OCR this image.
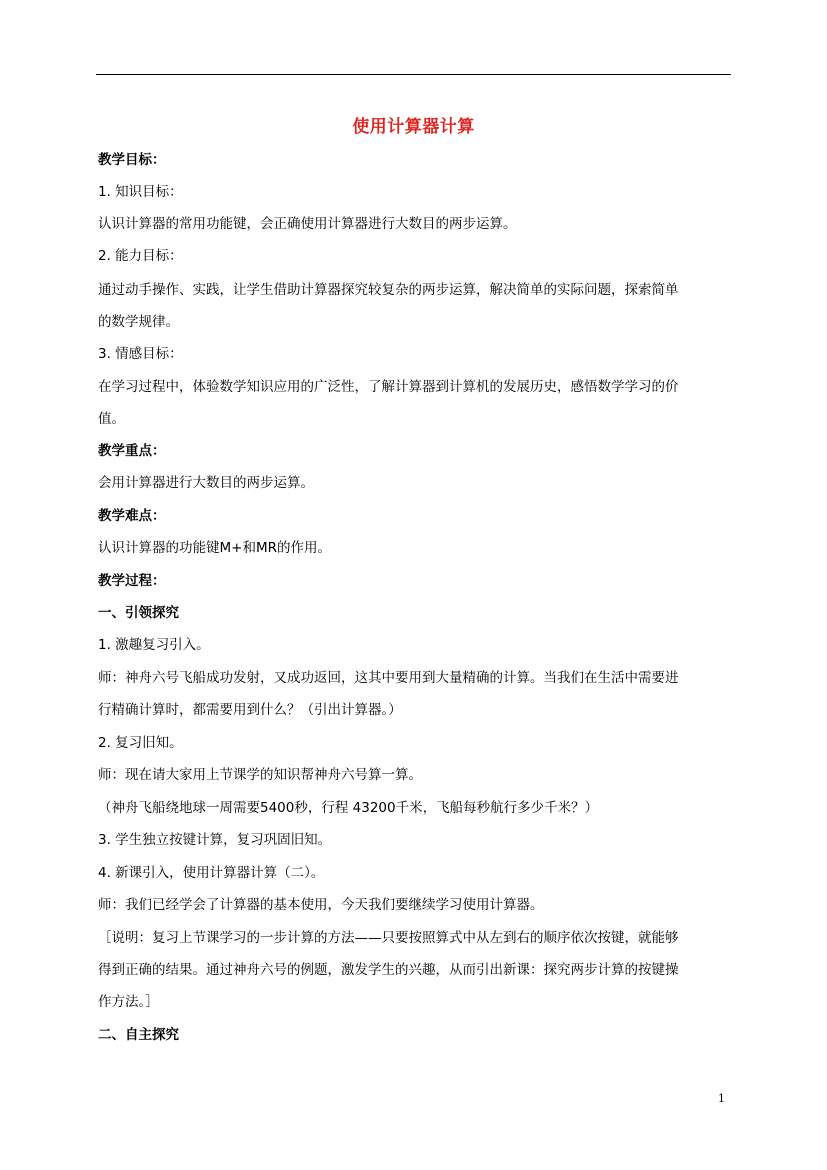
使用计算器计算
教学目标：
1. 知识目标：
认识计算器的常用功能键，会正确使用计算器进行大数目的两步运算。
2. 能力目标：
通过动手操作、实践，让学生借助计算器探究较复杂的两步运算，解决简单的实际问题，探索简单
的数学规律。
3. 情感目标：
在学习过程中，体验数学知识应用的广泛性，了解计算器到计算机的发展历史，感悟数学学习的价
值。
教学重点：
会用计算器进行大数目的两步运算。
教学难点：
认识计算器的功能键M+和MR的作用。
教学过程：
一、引领探究
1. 激趣复习引入。
师：神舟六号飞船成功发射，又成功返回，这其中要用到大量精确的计算。当我们在生活中需要进
行精确计算时，都需要用到什么？（引出计算器。）
2. 复习旧知。
师：现在请大家用上节课学的知识帮神舟六号算一算。
（神舟飞船绕地球一周需要5400秒，行程 43200千米，飞船每秒航行多少千米？）
3. 学生独立按键计算，复习巩固旧知。
4. 新课引入，使用计算器计算（二）。
师：我们已经学会了计算器的基本使用，今天我们要继续学习使用计算器。
［说明：复习上节课学习的一步计算的方法——只要按照算式中从左到右的顺序依次按键，就能够
得到正确的结果。通过神舟六号的例题，激发学生的兴趣，从而引出新课：探究两步计算的按键操
作方法。］
二、自主探究
1
